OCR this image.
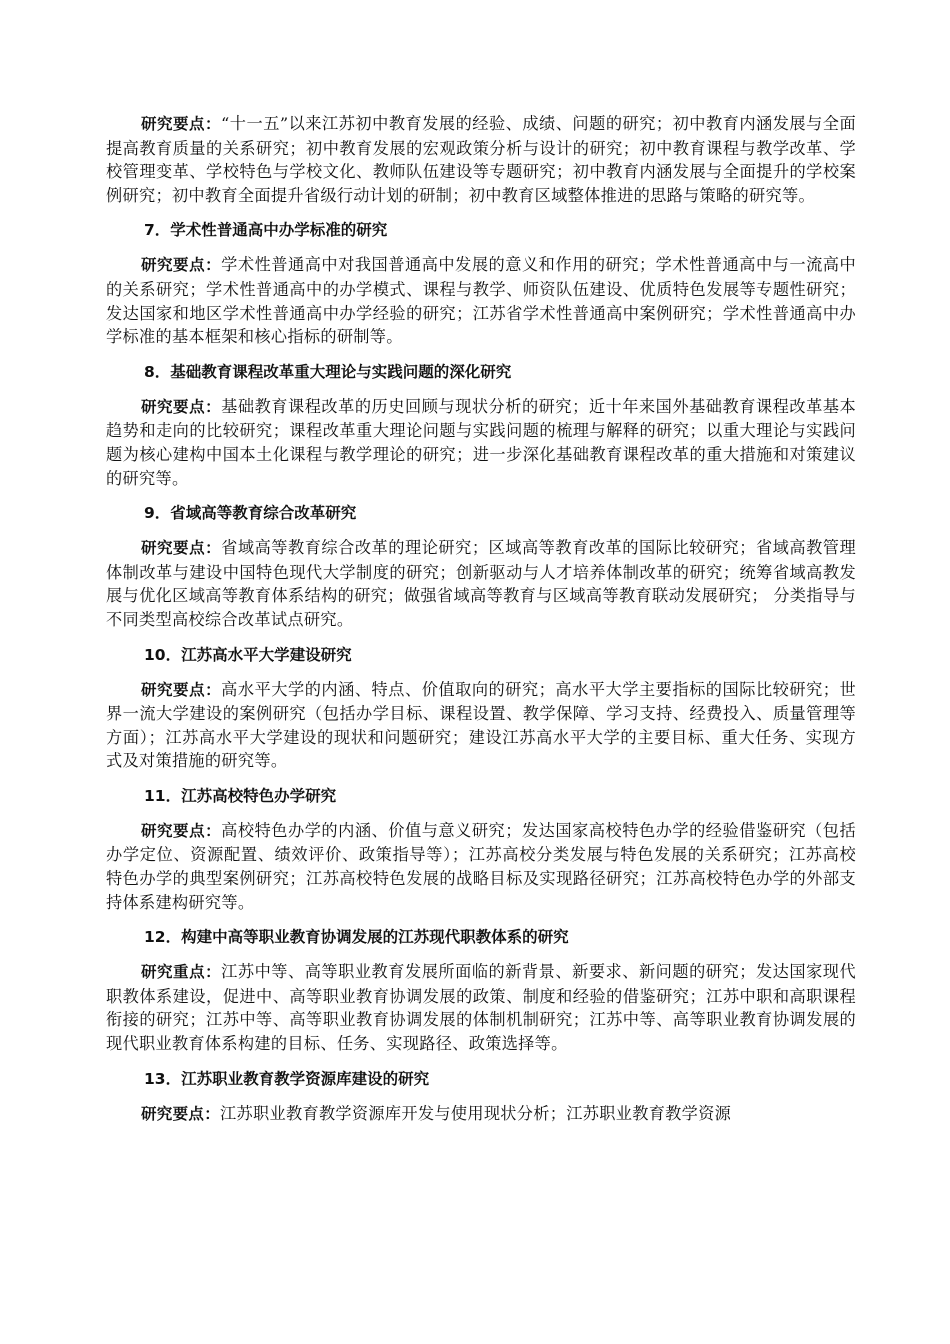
研究要点：“十一五”以来江苏初中教育发展的经验、成绩、问题的研究；初中教育内涵发展与全面提高教育质量的关系研究；初中教育发展的宏观政策分析与设计的研究；初中教育课程与教学改革、学校管理变革、学校特色与学校文化、教师队伍建设等专题研究；初中教育内涵发展与全面提升的学校案例研究；初中教育全面提升省级行动计划的研制；初中教育区域整体推进的思路与策略的研究等。

7．学术性普通高中办学标准的研究

研究要点：学术性普通高中对我国普通高中发展的意义和作用的研究；学术性普通高中与一流高中的关系研究；学术性普通高中的办学模式、课程与教学、师资队伍建设、优质特色发展等专题性研究；发达国家和地区学术性普通高中办学经验的研究；江苏省学术性普通高中案例研究；学术性普通高中办学标准的基本框架和核心指标的研制等。

8．基础教育课程改革重大理论与实践问题的深化研究

研究要点：基础教育课程改革的历史回顾与现状分析的研究；近十年来国外基础教育课程改革基本趋势和走向的比较研究；课程改革重大理论问题与实践问题的梳理与解释的研究；以重大理论与实践问题为核心建构中国本土化课程与教学理论的研究；进一步深化基础教育课程改革的重大措施和对策建议的研究等。

9．省域高等教育综合改革研究

研究要点：省域高等教育综合改革的理论研究；区域高等教育改革的国际比较研究；省域高教管理体制改革与建设中国特色现代大学制度的研究；创新驱动与人才培养体制改革的研究；统筹省域高教发展与优化区域高等教育体系结构的研究；做强省域高等教育与区域高等教育联动发展研究； 分类指导与不同类型高校综合改革试点研究。

10．江苏高水平大学建设研究

研究要点：高水平大学的内涵、特点、价值取向的研究；高水平大学主要指标的国际比较研究；世界一流大学建设的案例研究（包括办学目标、课程设置、教学保障、学习支持、经费投入、质量管理等方面）；江苏高水平大学建设的现状和问题研究；建设江苏高水平大学的主要目标、重大任务、实现方式及对策措施的研究等。

11．江苏高校特色办学研究

研究要点：高校特色办学的内涵、价值与意义研究；发达国家高校特色办学的经验借鉴研究（包括办学定位、资源配置、绩效评价、政策指导等）；江苏高校分类发展与特色发展的关系研究；江苏高校特色办学的典型案例研究；江苏高校特色发展的战略目标及实现路径研究；江苏高校特色办学的外部支持体系建构研究等。

12．构建中高等职业教育协调发展的江苏现代职教体系的研究

研究重点：江苏中等、高等职业教育发展所面临的新背景、新要求、新问题的研究；发达国家现代职教体系建设，促进中、高等职业教育协调发展的政策、制度和经验的借鉴研究；江苏中职和高职课程衔接的研究；江苏中等、高等职业教育协调发展的体制机制研究；江苏中等、高等职业教育协调发展的现代职业教育体系构建的目标、任务、实现路径、政策选择等。

13．江苏职业教育教学资源库建设的研究

研究要点：江苏职业教育教学资源库开发与使用现状分析；江苏职业教育教学资源
